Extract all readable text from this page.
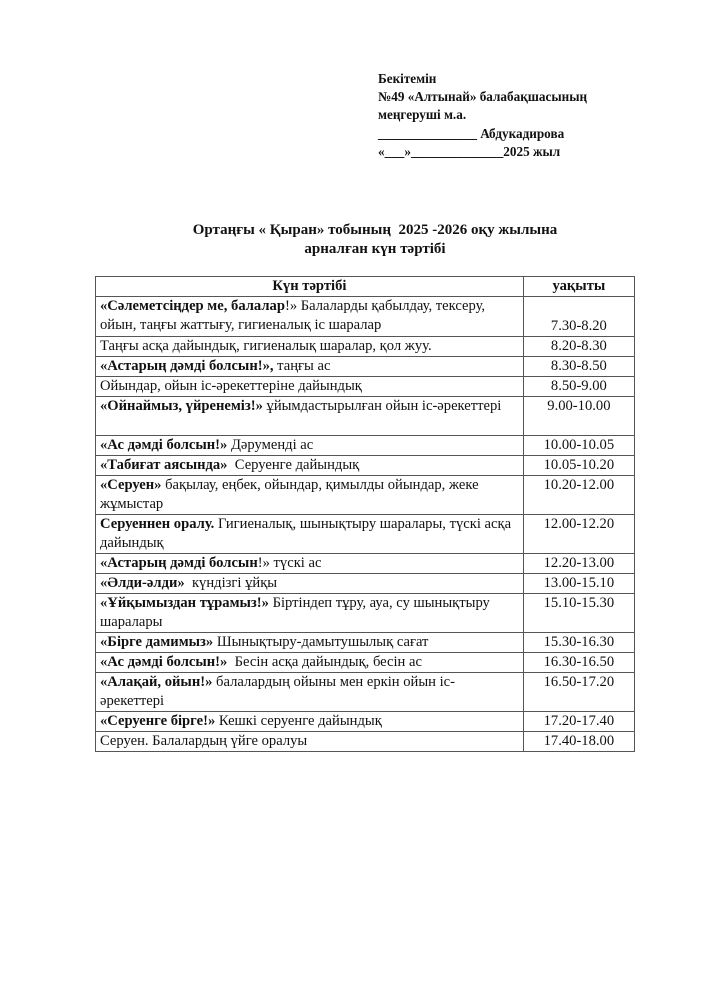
Бекітемін
№49 «Алтынай» балабақшасының
меңгеруші м.а.
_______________ Абдукадирова
«___»______________2025 жыл
Ортаңғы « Қыран» тобының  2025 -2026 оқу жылына
арналған күн тәртібі
Күн тәртібі	уақыты
«Сәлеметсіңдер ме, балалар!» Балаларды қабылдау, тексеру, ойын, таңғы жаттығу, гигиеналық іс шаралар	7.30-8.20
Таңғы асқа дайындық, гигиеналық шаралар, қол жуу.	8.20-8.30
«Астарың дәмді болсын!», таңғы ас	8.30-8.50
Ойындар, ойын іс-әрекеттеріне дайындық	8.50-9.00
«Ойнаймыз, үйренеміз!» ұйымдастырылған ойын іс-әрекеттері	9.00-10.00
«Ас дәмді болсын!» Дәруменді ас	10.00-10.05
«Табиғат аясында»  Серуенге дайындық	10.05-10.20
«Серуен» бақылау, еңбек, ойындар, қимылды ойындар, жеке жұмыстар	10.20-12.00
Серуеннен оралу. Гигиеналық, шынықтыру шаралары, түскі асқа дайындық	12.00-12.20
«Астарың дәмді болсын!» түскі ас	12.20-13.00
«Әлди-әлди»  күндізгі ұйқы	13.00-15.10
«Ұйқымыздан тұрамыз!» Біртіндеп тұру, ауа, су шынықтыру шаралары	15.10-15.30
«Бірге дамимыз» Шынықтыру-дамытушылық сағат	15.30-16.30
«Ас дәмді болсын!»  Бесін асқа дайындық, бесін ас	16.30-16.50
«Алақай, ойын!» балалардың ойыны мен еркін ойын іс-әрекеттері	16.50-17.20
«Серуенге бірге!» Кешкі серуенге дайындық	17.20-17.40
Серуен. Балалардың үйге оралуы	17.40-18.00
